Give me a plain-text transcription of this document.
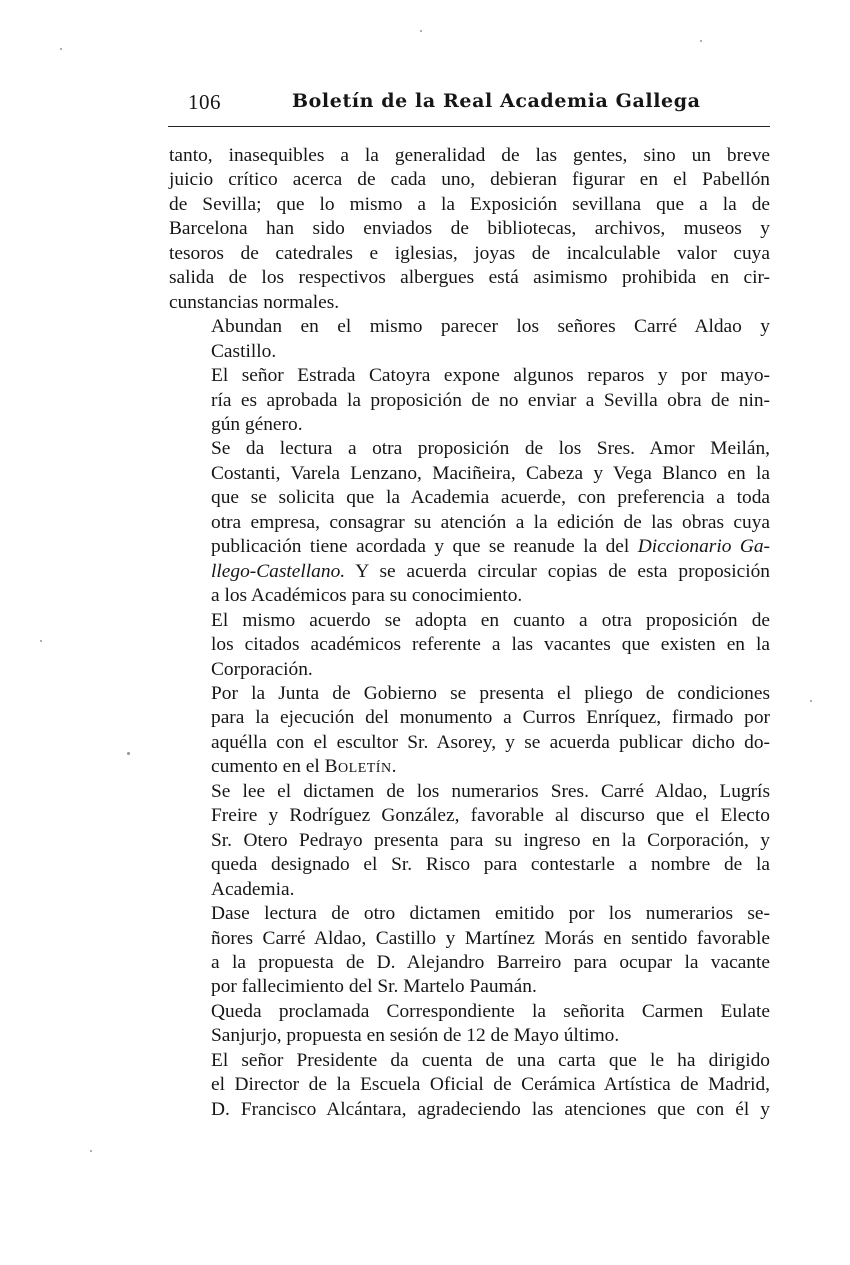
106	Boletín de la Real Academia Gallega

tanto, inasequibles a la generalidad de las gentes, sino un breve
juicio crítico acerca de cada uno, debieran figurar en el Pabellón
de Sevilla; que lo mismo a la Exposición sevillana que a la de
Barcelona han sido enviados de bibliotecas, archivos, museos y
tesoros de catedrales e iglesias, joyas de incalculable valor cuya
salida de los respectivos albergues está asimismo prohibida en cir-
cunstancias normales.

Abundan en el mismo parecer los señores Carré Aldao y
Castillo.

El señor Estrada Catoyra expone algunos reparos y por mayo-
ría es aprobada la proposición de no enviar a Sevilla obra de nin-
gún género.

Se da lectura a otra proposición de los Sres. Amor Meilán,
Costanti, Varela Lenzano, Maciñeira, Cabeza y Vega Blanco en la
que se solicita que la Academia acuerde, con preferencia a toda
otra empresa, consagrar su atención a la edición de las obras cuya
publicación tiene acordada y que se reanude la del Diccionario Ga-
llego-Castellano. Y se acuerda circular copias de esta proposición
a los Académicos para su conocimiento.

El mismo acuerdo se adopta en cuanto a otra proposición de
los citados académicos referente a las vacantes que existen en la
Corporación.

Por la Junta de Gobierno se presenta el pliego de condiciones
para la ejecución del monumento a Curros Enríquez, firmado por
aquélla con el escultor Sr. Asorey, y se acuerda publicar dicho do-
cumento en el Boletín.

Se lee el dictamen de los numerarios Sres. Carré Aldao, Lugrís
Freire y Rodríguez González, favorable al discurso que el Electo
Sr. Otero Pedrayo presenta para su ingreso en la Corporación, y
queda designado el Sr. Risco para contestarle a nombre de la
Academia.

Dase lectura de otro dictamen emitido por los numerarios se-
ñores Carré Aldao, Castillo y Martínez Morás en sentido favorable
a la propuesta de D. Alejandro Barreiro para ocupar la vacante
por fallecimiento del Sr. Martelo Paumán.

Queda proclamada Correspondiente la señorita Carmen Eulate
Sanjurjo, propuesta en sesión de 12 de Mayo último.

El señor Presidente da cuenta de una carta que le ha dirigido
el Director de la Escuela Oficial de Cerámica Artística de Madrid,
D. Francisco Alcántara, agradeciendo las atenciones que con él y
